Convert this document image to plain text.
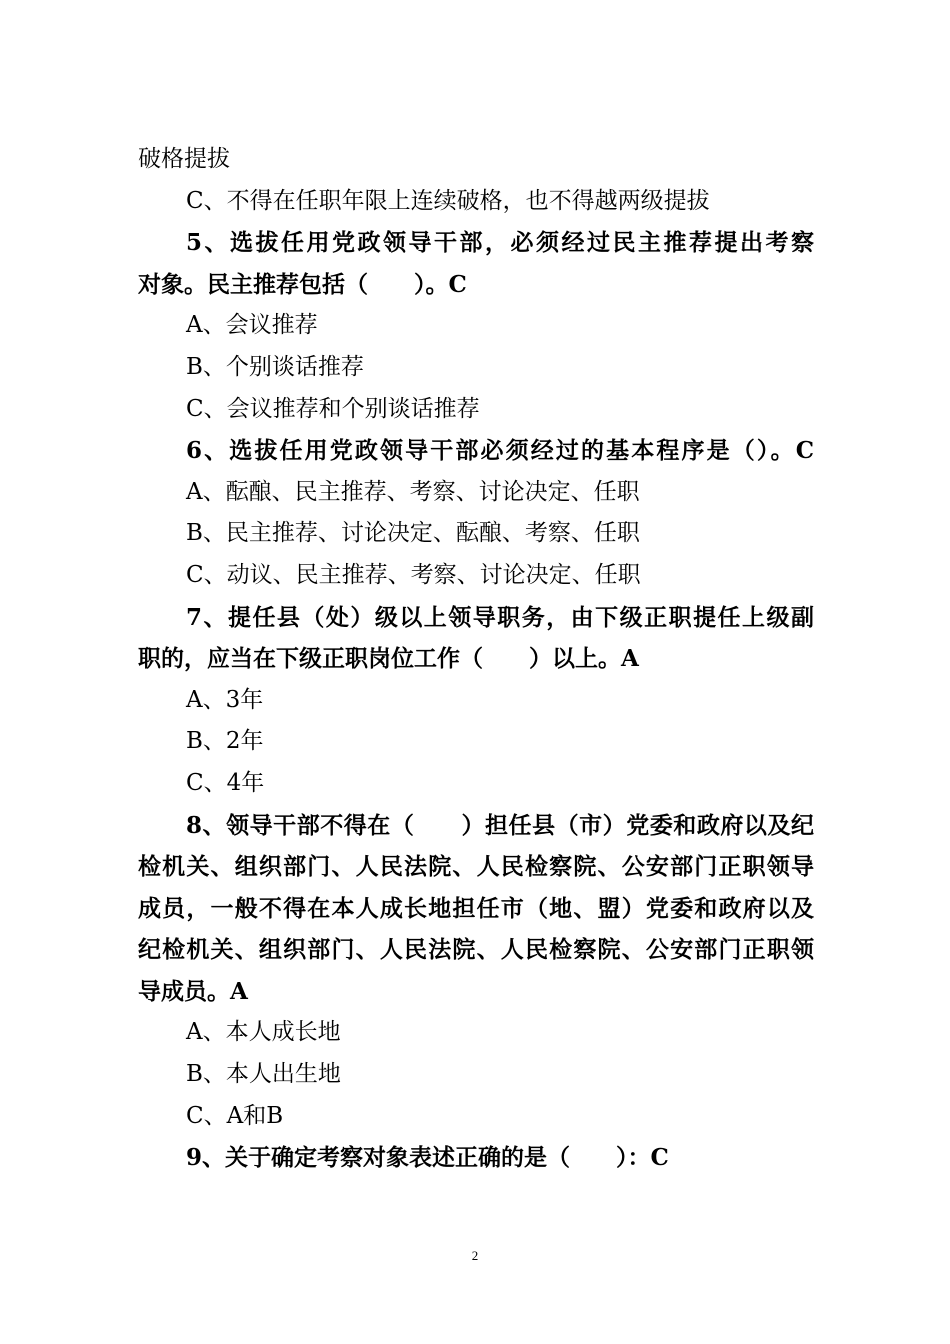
破格提拔
C、不得在任职年限上连续破格，也不得越两级提拔
5、选拔任用党政领导干部，必须经过民主推荐提出考察
对象。民主推荐包括（　　）。C
A、会议推荐
B、个别谈话推荐
C、会议推荐和个别谈话推荐
6、选拔任用党政领导干部必须经过的基本程序是（）。C
A、酝酿、民主推荐、考察、讨论决定、任职
B、民主推荐、讨论决定、酝酿、考察、任职
C、动议、民主推荐、考察、讨论决定、任职
7、提任县（处）级以上领导职务，由下级正职提任上级副
职的，应当在下级正职岗位工作（　　）以上。A
A、3年
B、2年
C、4年
8、领导干部不得在（　　）担任县（市）党委和政府以及纪
检机关、组织部门、人民法院、人民检察院、公安部门正职领导
成员，一般不得在本人成长地担任市（地、盟）党委和政府以及
纪检机关、组织部门、人民法院、人民检察院、公安部门正职领
导成员。A
A、本人成长地
B、本人出生地
C、A和B
9、关于确定考察对象表述正确的是（　　）：C
2
